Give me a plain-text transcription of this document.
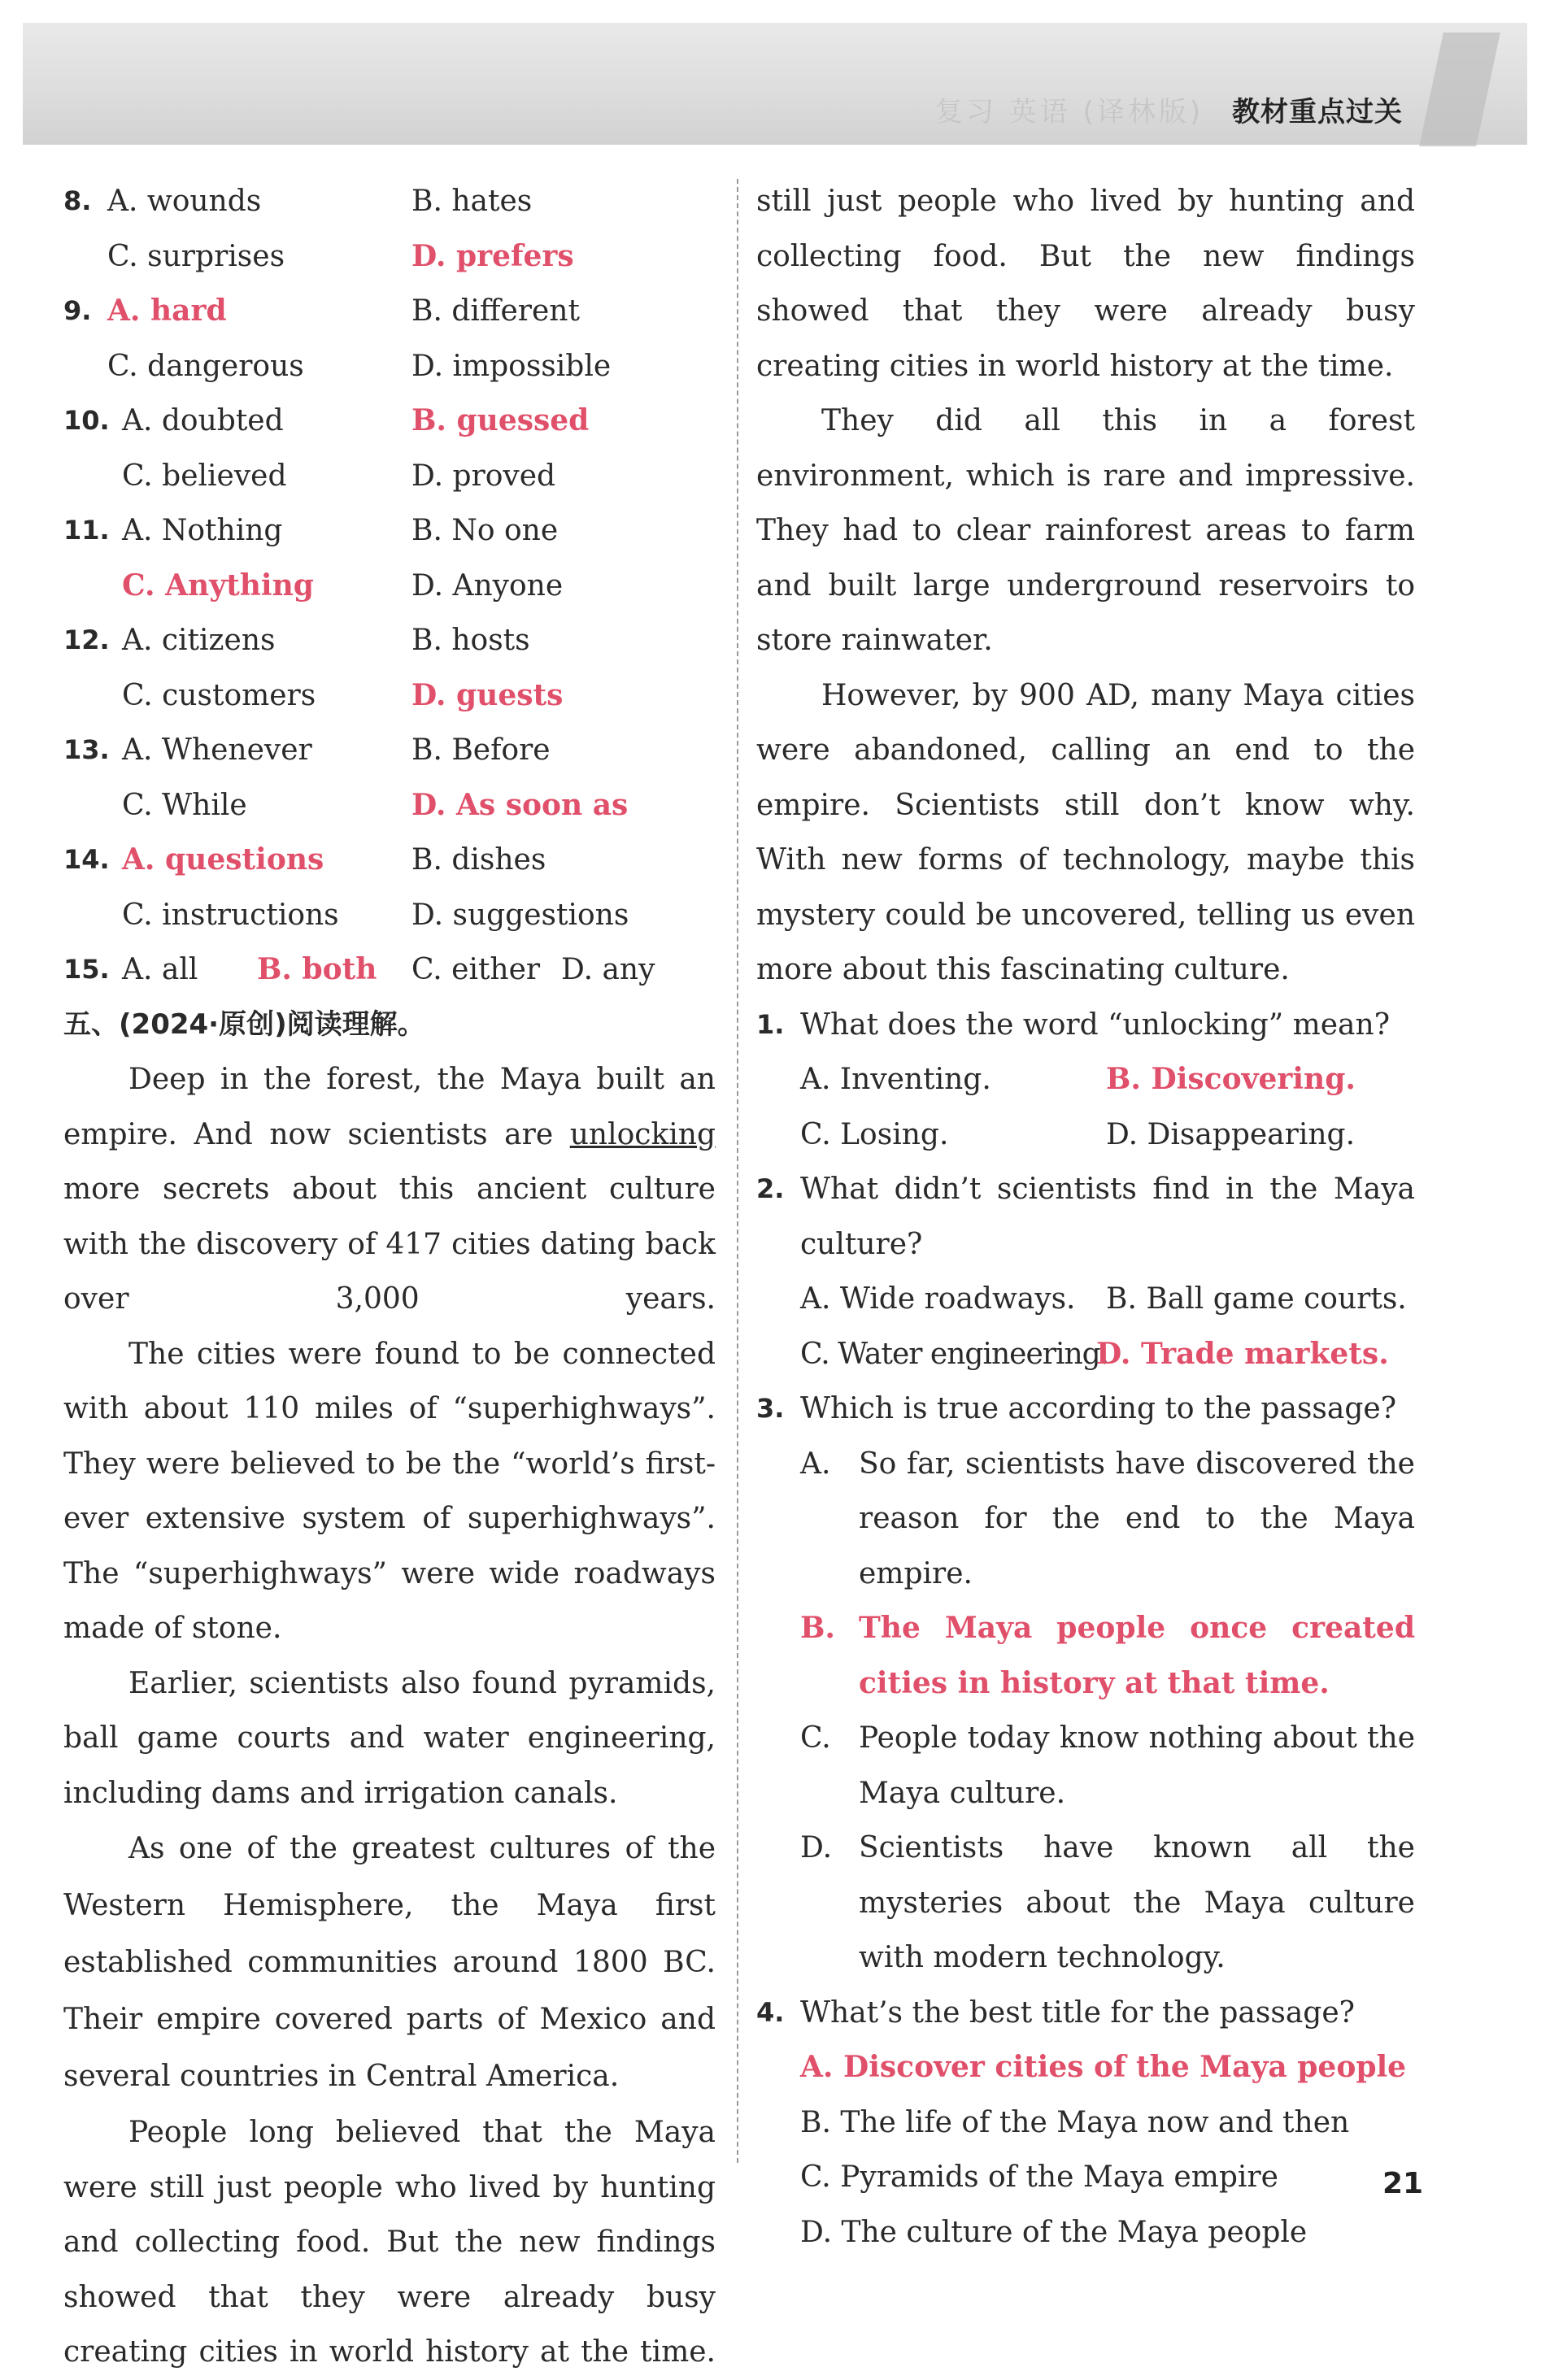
复习 英语 (译林版) 教材重点过关
8. A. wounds	B. hates
C. surprises	D. prefers
9. A. hard	B. different
C. dangerous	D. impossible
10. A. doubted	B. guessed
C. believed	D. proved
11. A. Nothing	B. No one
C. Anything	D. Anyone
12. A. citizens	B. hosts
C. customers	D. guests
13. A. Whenever	B. Before
C. While	D. As soon as
14. A. questions	B. dishes
C. instructions D. suggestions
15. A. all B. both C. either D. any
五、(2024·原创)阅读理解。
Deep in the forest, the Maya built an empire. And now scientists are unlocking more secrets about this ancient culture with the discovery of 417 cities dating back over 3,000 years.
The cities were found to be connected with about 110 miles of “superhighways”. They were believed to be the “world’s first-ever extensive system of superhighways”. The “superhighways” were wide roadways made of stone.
Earlier, scientists also found pyramids, ball game courts and water engineering, including dams and irrigation canals.
As one of the greatest cultures of the Western Hemisphere, the Maya first established communities around 1800 BC. Their empire covered parts of Mexico and several countries in Central America.
People long believed that the Maya were still just people who lived by hunting and collecting food. But the new findings showed that they were already busy creating cities in world history at the time.
still just people who lived by hunting and collecting food. But the new findings showed that they were already busy creating cities in world history at the time.
They did all this in a forest environment, which is rare and impressive. They had to clear rainforest areas to farm and built large underground reservoirs to store rainwater.
However, by 900 AD, many Maya cities were abandoned, calling an end to the empire. Scientists still don’t know why. With new forms of technology, maybe this mystery could be uncovered, telling us even more about this fascinating culture.
1. What does the word “unlocking” mean?
A. Inventing.	B. Discovering.
C. Losing.	D. Disappearing.
2. What didn’t scientists find in the Maya culture?
A. Wide roadways. B. Ball game courts.
C. Water engineering.
D. Trade markets.
3. Which is true according to the passage?
A. So far, scientists have discovered the reason for the end to the Maya empire.
B. The Maya people once created cities in history at that time.
C. People today know nothing about the Maya culture.
D. Scientists have known all the mysteries about the Maya culture with modern technology.
4. What’s the best title for the passage?
A. Discover cities of the Maya people
B. The life of the Maya now and then
C. Pyramids of the Maya empire
D. The culture of the Maya people
21
